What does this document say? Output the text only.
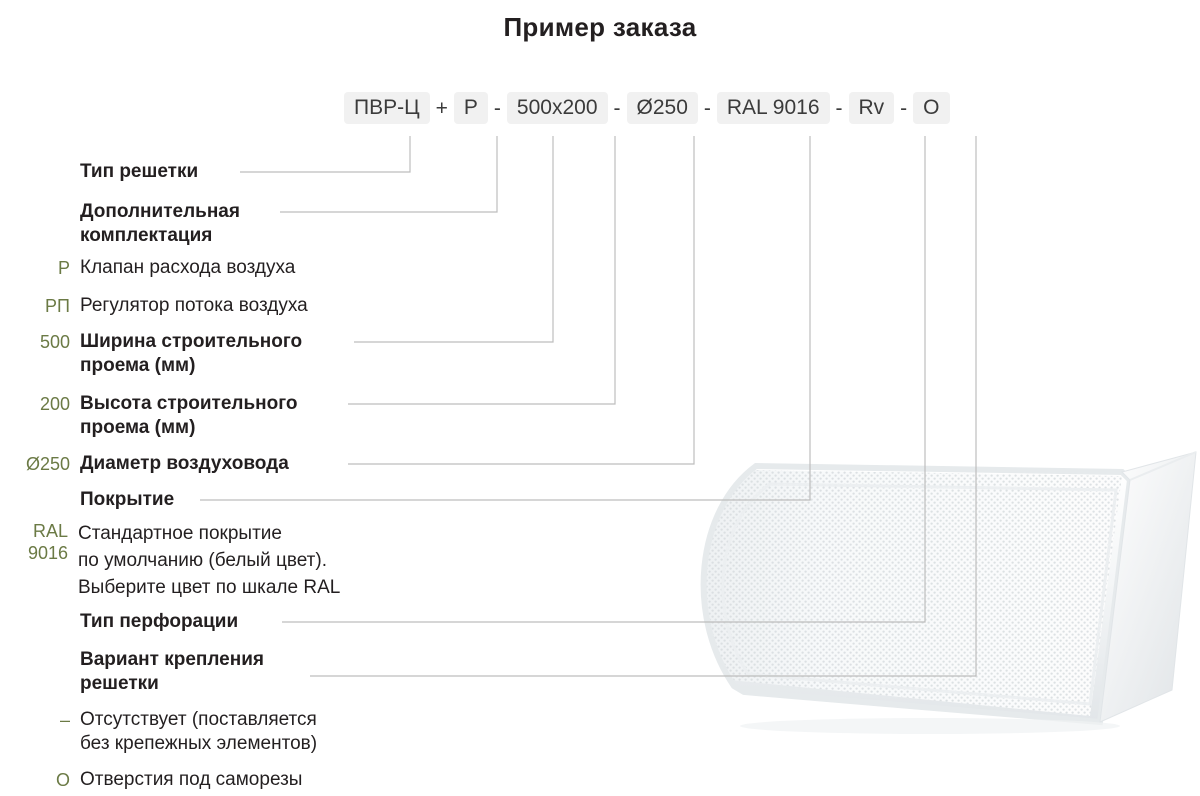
Пример заказа
ПВР-Ц + Р - 500x200 - Ø250 - RAL 9016 - Rv - О
Тип решетки
Дополнительная
комплектация
Р Клапан расхода воздуха
РП Регулятор потока воздуха
500 Ширина строительного
проема (мм)
200 Высота строительного
проема (мм)
Ø250 Диаметр воздуховода
Покрытие
RAL
9016
Стандартное покрытие
по умолчанию (белый цвет).
Выберите цвет по шкале RAL
Тип перфорации
Вариант крепления
решетки
– Отсутствует (поставляется
без крепежных элементов)
О Отверстия под саморезы
